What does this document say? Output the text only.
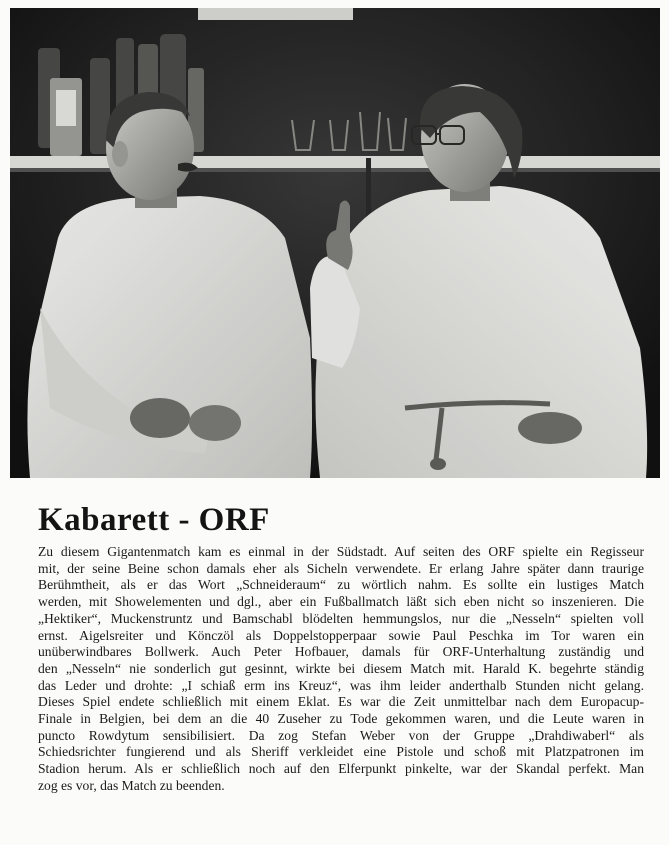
Kabarett - ORF
Zu diesem Gigantenmatch kam es einmal in der Südstadt. Auf seiten des ORF spielte ein Regisseur
mit, der seine Beine schon damals eher als Sicheln verwendete. Er erlang Jahre später dann traurige
Berühmtheit, als er das Wort „Schneideraum“ zu wörtlich nahm. Es sollte ein lustiges Match
werden, mit Showelementen und dgl., aber ein Fußballmatch läßt sich eben nicht so inszenieren. Die
„Hektiker“, Muckenstruntz und Bamschabl blödelten hemmungslos, nur die „Nesseln“ spielten voll
ernst. Aigelsreiter und Könczöl als Doppelstopperpaar sowie Paul Peschka im Tor waren ein
unüberwindbares Bollwerk. Auch Peter Hofbauer, damals für ORF-Unterhaltung zuständig und
den „Nesseln“ nie sonderlich gut gesinnt, wirkte bei diesem Match mit. Harald K. begehrte ständig
das Leder und drohte: „I schiaß erm ins Kreuz“, was ihm leider anderthalb Stunden nicht gelang.
Dieses Spiel endete schließlich mit einem Eklat. Es war die Zeit unmittelbar nach dem Europacup-
Finale in Belgien, bei dem an die 40 Zuseher zu Tode gekommen waren, und die Leute waren in
puncto Rowdytum sensibilisiert. Da zog Stefan Weber von der Gruppe „Drahdiwaberl“ als
Schiedsrichter fungierend und als Sheriff verkleidet eine Pistole und schoß mit Platzpatronen im
Stadion herum. Als er schließlich noch auf den Elferpunkt pinkelte, war der Skandal perfekt. Man
zog es vor, das Match zu beenden.
